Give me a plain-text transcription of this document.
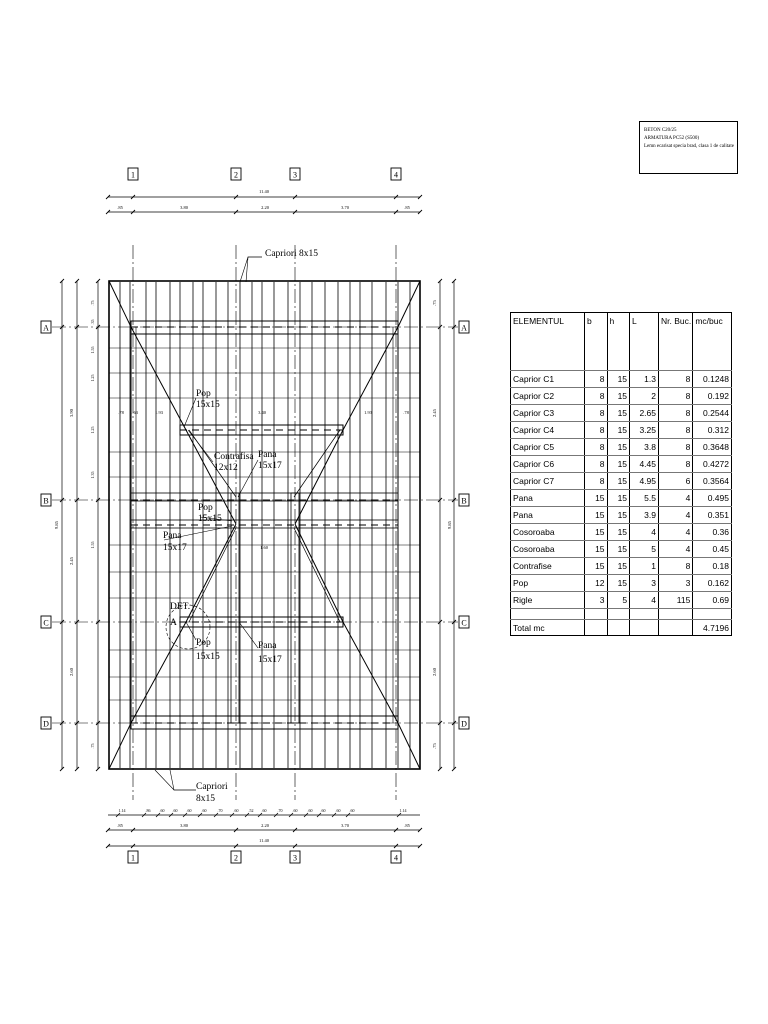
1	2	3	4
1	2	3	4
A
B
C
D
A
B
C
D
11.40
.85	3.80	2.20	3.70	.85
.85	3.80	2.20	3.70	.85
11.40
9.85
3.90
2.45
2.60
9.85
.75
2.45
2.60
.75
.78 1.63	1.93	3.40	1.93	.78
1.60
1.14	.86 .60 .60 .60	.60	.70	.60	.52 .60	.70	.60	.60 .60	.60 .60	1.14
.75
.35
1.55
1.25
1.25
1.35
1.55
.75
Capriori 8x15
Pop
15x15
Contrafisa
12x12
Pana
15x17
Pop
15x15
Pana
15x17
DET.
A
Pop
15x15
Pana
15x17
Capriori
8x15
BETON C20/25
ARMATURA PC52 (S500)
Lemn ecarisat specia brad, clasa 1 de calitate
ELEMENTUL	b	h	L	Nr. Buc.	mc/buc
Caprior C1	8	15	1.3	8	0.1248
Caprior C2	8	15	2	8	0.192
Caprior C3	8	15	2.65	8	0.2544
Caprior C4	8	15	3.25	8	0.312
Caprior C5	8	15	3.8	8	0.3648
Caprior C6	8	15	4.45	8	0.4272
Caprior C7	8	15	4.95	6	0.3564
Pana	15	15	5.5	4	0.495
Pana	15	15	3.9	4	0.351
Cosoroaba	15	15	4	4	0.36
Cosoroaba	15	15	5	4	0.45
Contrafise	15	15	1	8	0.18
Pop	12	15	3	3	0.162
Rigle	3	5	4	115	0.69

Total mc					4.7196
